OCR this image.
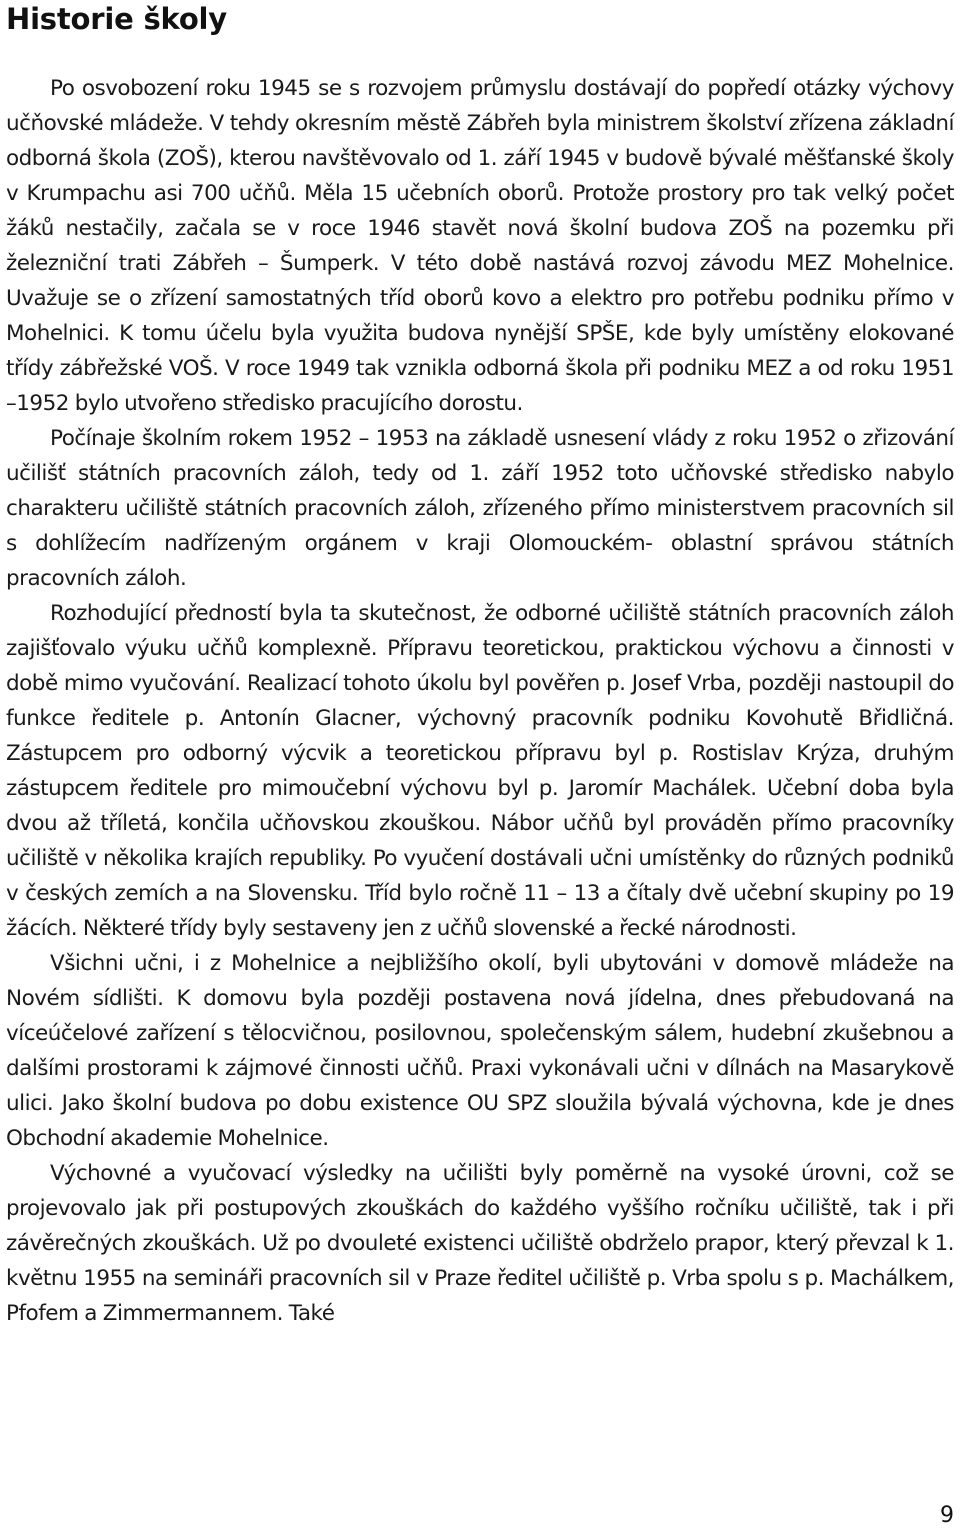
Historie školy

Po osvobození roku 1945 se s rozvojem průmyslu dostávají do popředí otázky výchovy učňovské mládeže. V tehdy okresním městě Zábřeh byla ministrem školství zřízena základní odborná škola (ZOŠ), kterou navštěvovalo od 1. září 1945 v budově bývalé měšťanské školy v Krumpachu asi 700 učňů. Měla 15 učebních oborů. Protože prostory pro tak velký počet žáků nestačily, začala se v roce 1946 stavět nová školní budova ZOŠ na pozemku při železniční trati Zábřeh – Šumperk. V této době nastává rozvoj závodu MEZ Mohelnice. Uvažuje se o zřízení samostatných tříd oborů kovo a elektro pro potřebu podniku přímo v Mohelnici. K tomu účelu byla využita budova nynější SPŠE, kde byly umístěny elokované třídy zábřežské VOŠ. V roce 1949 tak vznikla odborná škola při podniku MEZ a od roku 1951 –1952 bylo utvořeno středisko pracujícího dorostu.

Počínaje školním rokem 1952 – 1953 na základě usnesení vlády z roku 1952 o zřizování učilišť státních pracovních záloh, tedy od 1. září 1952 toto učňovské středisko nabylo charakteru učiliště státních pracovních záloh, zřízeného přímo ministerstvem pracovních sil s dohlížecím nadřízeným orgánem v kraji Olomouckém- oblastní správou státních pracovních záloh.

Rozhodující předností byla ta skutečnost, že odborné učiliště státních pracovních záloh zajišťovalo výuku učňů komplexně. Přípravu teoretickou, praktickou výchovu a činnosti v době mimo vyučování. Realizací tohoto úkolu byl pověřen p. Josef Vrba, později nastoupil do funkce ředitele p. Antonín Glacner, výchovný pracovník podniku Kovohutě Břidličná. Zástupcem pro odborný výcvik a teoretickou přípravu byl p. Rostislav Krýza, druhým zástupcem ředitele pro mimoučební výchovu byl p. Jaromír Machálek. Učební doba byla dvou až tříletá, končila učňovskou zkouškou. Nábor učňů byl prováděn přímo pracovníky učiliště v několika krajích republiky. Po vyučení dostávali učni umístěnky do různých podniků v českých zemích a na Slovensku. Tříd bylo ročně 11 – 13 a čítaly dvě učební skupiny po 19 žácích. Některé třídy byly sestaveny jen z učňů slovenské a řecké národnosti.

Všichni učni, i z Mohelnice a nejbližšího okolí, byli ubytováni v domově mládeže na Novém sídlišti. K domovu byla později postavena nová jídelna, dnes přebudovaná na víceúčelové zařízení s tělocvičnou, posilovnou, společenským sálem, hudební zkušebnou a dalšími prostorami k zájmové činnosti učňů. Praxi vykonávali učni v dílnách na Masarykově ulici. Jako školní budova po dobu existence OU SPZ sloužila bývalá výchovna, kde je dnes Obchodní akademie Mohelnice.

Výchovné a vyučovací výsledky na učilišti byly poměrně na vysoké úrovni, což se projevovalo jak při postupových zkouškách do každého vyššího ročníku učiliště, tak i při závěrečných zkouškách. Už po dvouleté existenci učiliště obdrželo prapor, který převzal k 1. květnu 1955 na semináři pracovních sil v Praze ředitel učiliště p. Vrba spolu s p. Machálkem, Pfofem a Zimmermannem. Také

9
